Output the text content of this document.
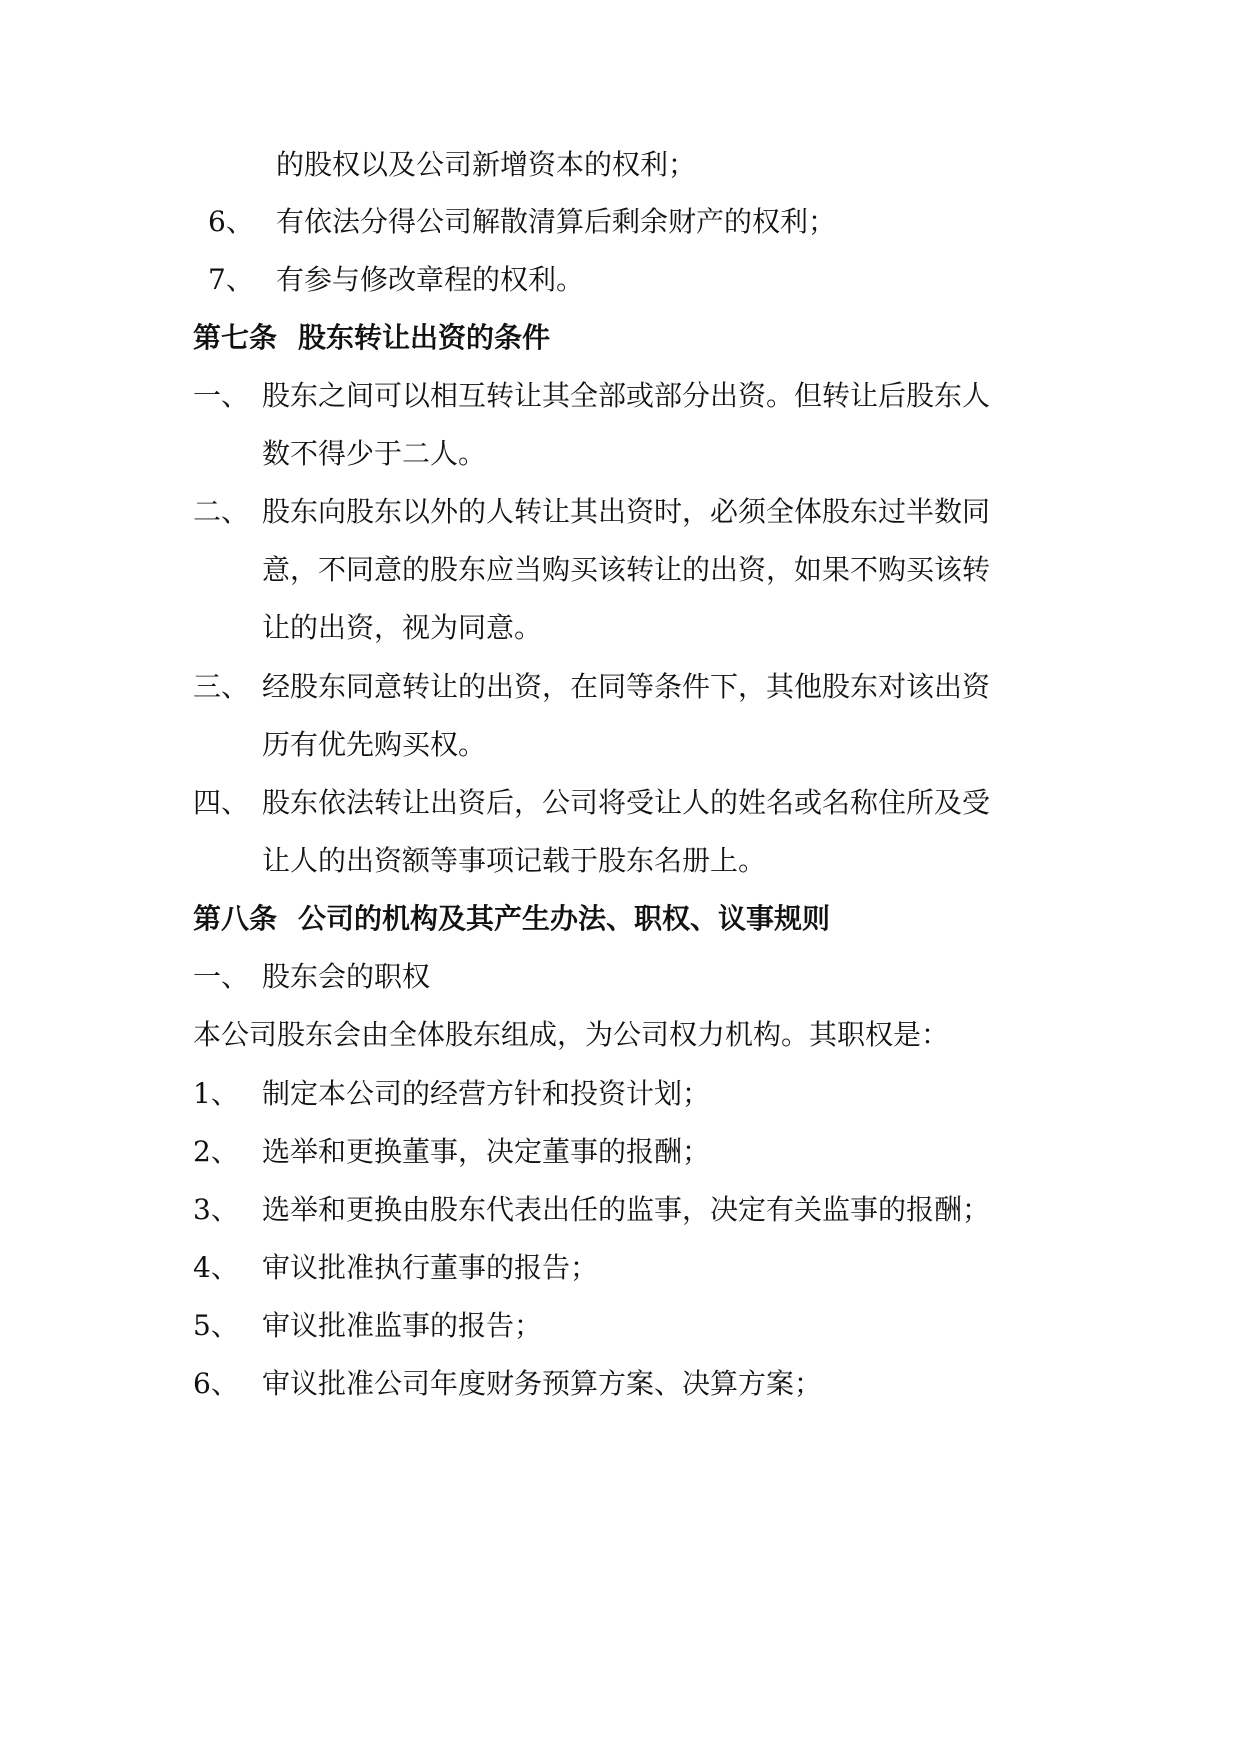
的股权以及公司新增资本的权利；
6、 有依法分得公司解散清算后剩余财产的权利；
7、 有参与修改章程的权利。
第七条 股东转让出资的条件
一、 股东之间可以相互转让其全部或部分出资。但转让后股东人
数不得少于二人。
二、 股东向股东以外的人转让其出资时，必须全体股东过半数同
意，不同意的股东应当购买该转让的出资，如果不购买该转
让的出资，视为同意。
三、 经股东同意转让的出资，在同等条件下，其他股东对该出资
历有优先购买权。
四、 股东依法转让出资后，公司将受让人的姓名或名称住所及受
让人的出资额等事项记载于股东名册上。
第八条 公司的机构及其产生办法、职权、议事规则
一、 股东会的职权
本公司股东会由全体股东组成，为公司权力机构。其职权是：
1、 制定本公司的经营方针和投资计划；
2、 选举和更换董事，决定董事的报酬；
3、 选举和更换由股东代表出任的监事，决定有关监事的报酬；
4、 审议批准执行董事的报告；
5、 审议批准监事的报告；
6、 审议批准公司年度财务预算方案、决算方案；
